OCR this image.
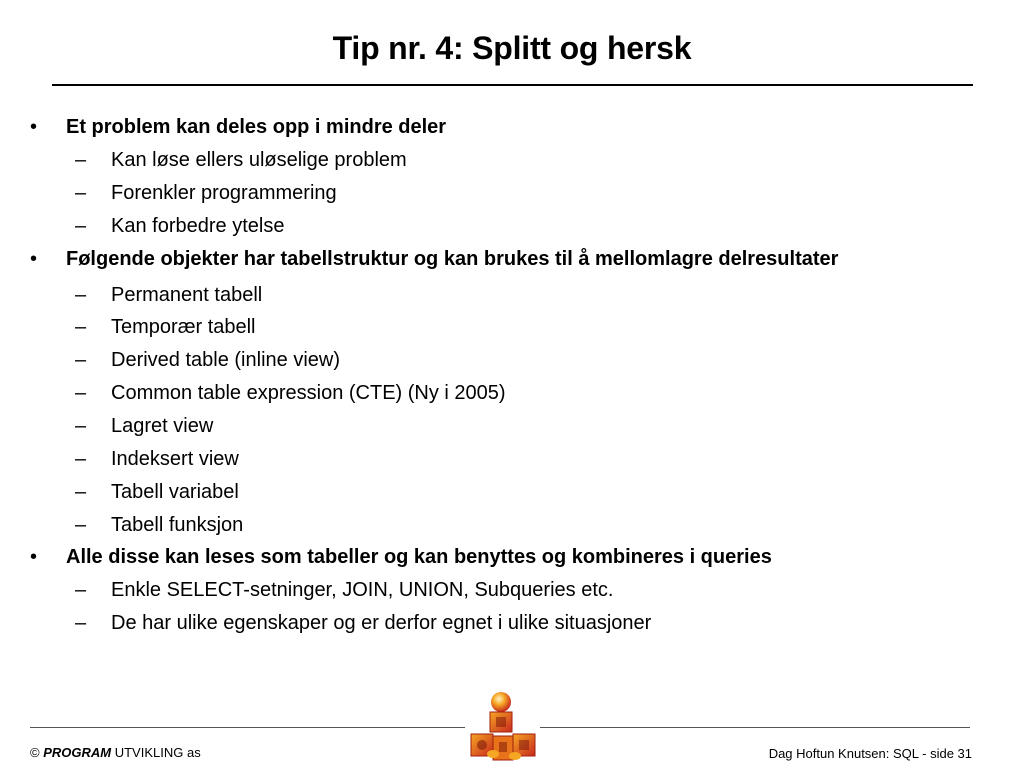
Tip nr. 4: Splitt og hersk
• Et problem kan deles opp i mindre deler
– Kan løse ellers uløselige problem
– Forenkler programmering
– Kan forbedre ytelse
• Følgende objekter har tabellstruktur og kan brukes til å mellomlagre delresultater
– Permanent tabell
– Temporær tabell
– Derived table (inline view)
– Common table expression (CTE) (Ny i 2005)
– Lagret view
– Indeksert view
– Tabell variabel
– Tabell funksjon
• Alle disse kan leses som tabeller og kan benyttes og kombineres i queries
– Enkle SELECT-setninger, JOIN, UNION, Subqueries etc.
– De har ulike egenskaper og er derfor egnet i ulike situasjoner
© PROGRAM UTVIKLING as	Dag Hoftun Knutsen: SQL - side 31
